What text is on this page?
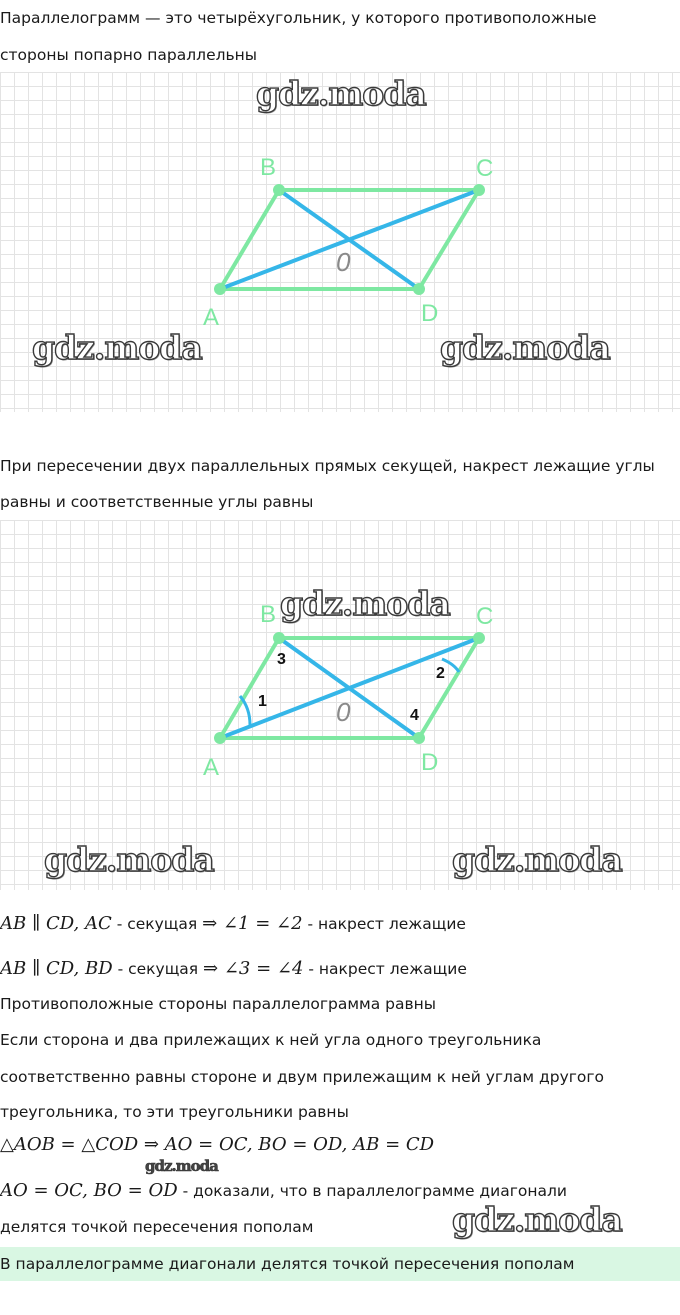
Параллелограмм — это четырёхугольник, у которого противоположные
стороны попарно параллельны
gdz.moda
gdz.moda	gdz.moda
A
B	C
D
0
При пересечении двух параллельных прямых секущей, накрест лежащие углы
равны и соответственные углы равны
A
B	C
D
0
1
2
3
4
gdz.moda
gdz.moda	gdz.moda
AB ∥ CD, AC - секущая ⇒ ∠1 = ∠2 - накрест лежащие
AB ∥ CD, BD - секущая ⇒ ∠3 = ∠4 - накрест лежащие
Противоположные стороны параллелограмма равны
Если сторона и два прилежащих к ней угла одного треугольника
соответственно равны стороне и двум прилежащим к ней углам другого
треугольника, то эти треугольники равны
△AOB = △COD ⇒ AO = OC, BO = OD, AB = CD
gdz.moda
AO = OC, BO = OD - доказали, что в параллелограмме диагонали
делятся точкой пересечения пополам	gdz.moda
В параллелограмме диагонали делятся точкой пересечения пополам
